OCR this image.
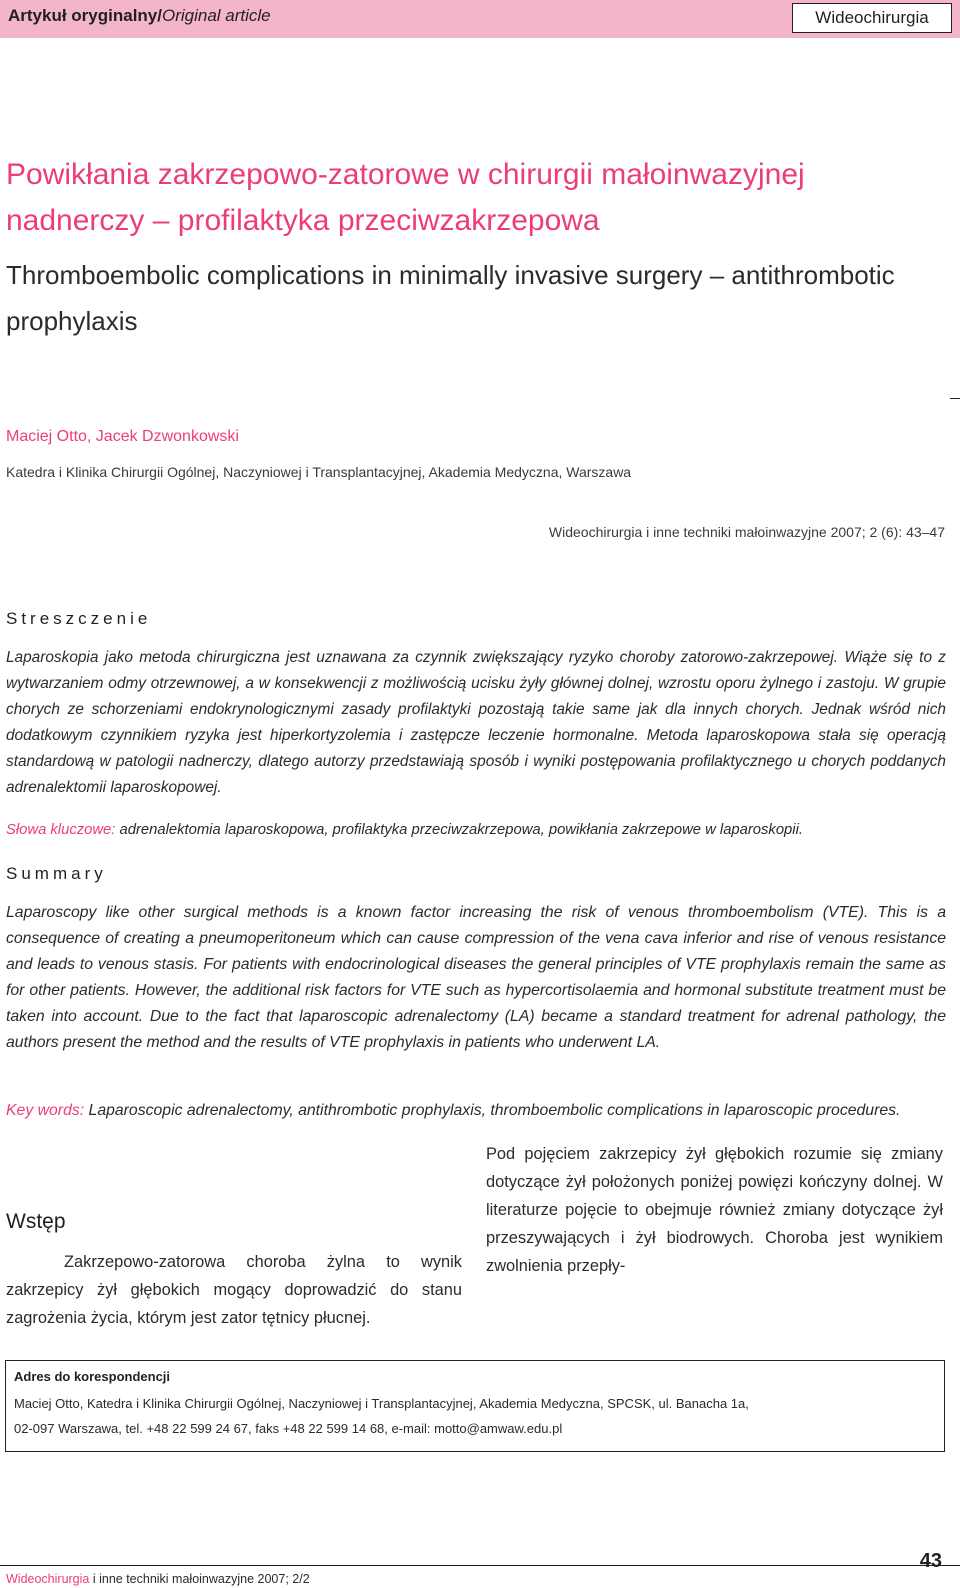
Artykuł oryginalny/Original article	Wideochirurgia
Powikłania zakrzepowo-zatorowe w chirurgii małoinwazyjnej nadnerczy – profilaktyka przeciwzakrzepowa
Thromboembolic complications in minimally invasive surgery – antithrombotic prophylaxis
Maciej Otto, Jacek Dzwonkowski
Katedra i Klinika Chirurgii Ogólnej, Naczyniowej i Transplantacyjnej, Akademia Medyczna, Warszawa
Wideochirurgia i inne techniki małoinwazyjne 2007; 2 (6): 43–47
Streszczenie

Laparoskopia jako metoda chirurgiczna jest uznawana za czynnik zwiększający ryzyko choroby zatorowo-zakrzepowej. Wiąże się to z wytwarzaniem odmy otrzewnowej, a w konsekwencji z możliwością ucisku żyły głównej dolnej, wzrostu oporu żylnego i zastoju. W grupie chorych ze schorzeniami endokrynologicznymi zasady profilaktyki pozostają takie same jak dla innych chorych. Jednak wśród nich dodatkowym czynnikiem ryzyka jest hiperkortyzolemia i zastępcze leczenie hormonalne. Metoda laparoskopowa stała się operacją standardową w patologii nadnerczy, dlatego autorzy przedstawiają sposób i wyniki postępowania profilaktycznego u chorych poddanych adrenalektomii laparoskopowej.

Słowa kluczowe: adrenalektomia laparoskopowa, profilaktyka przeciwzakrzepowa, powikłania zakrzepowe w laparoskopii.

Summary

Laparoscopy like other surgical methods is a known factor increasing the risk of venous thromboembolism (VTE). This is a consequence of creating a pneumoperitoneum which can cause compression of the vena cava inferior and rise of venous resistance and leads to venous stasis. For patients with endocrinological diseases the general principles of VTE prophylaxis remain the same as for other patients. However, the additional risk factors for VTE such as hypercortisolaemia and hormonal substitute treatment must be taken into account. Due to the fact that laparoscopic adrenalectomy (LA) became a standard treatment for adrenal pathology, the authors present the method and the results of VTE prophylaxis in patients who underwent LA.

Key words: Laparoscopic adrenalectomy, antithrombotic prophylaxis, thromboembolic complications in laparoscopic procedures.

Wstęp

Zakrzepowo-zatorowa choroba żylna to wynik zakrzepicy żył głębokich mogący doprowadzić do stanu zagrożenia życia, którym jest zator tętnicy płucnej.

Pod pojęciem zakrzepicy żył głębokich rozumie się zmiany dotyczące żył położonych poniżej powięzi kończyny dolnej. W literaturze pojęcie to obejmuje również zmiany dotyczące żył przeszywających i żył biodrowych. Choroba jest wynikiem zwolnienia przepły-

Adres do korespondencji
Maciej Otto, Katedra i Klinika Chirurgii Ogólnej, Naczyniowej i Transplantacyjnej, Akademia Medyczna, SPCSK, ul. Banacha 1a,
02-097 Warszawa, tel. +48 22 599 24 67, faks +48 22 599 14 68, e-mail: motto@amwaw.edu.pl
Wideochirurgia i inne techniki małoinwazyjne 2007; 2/2
43
